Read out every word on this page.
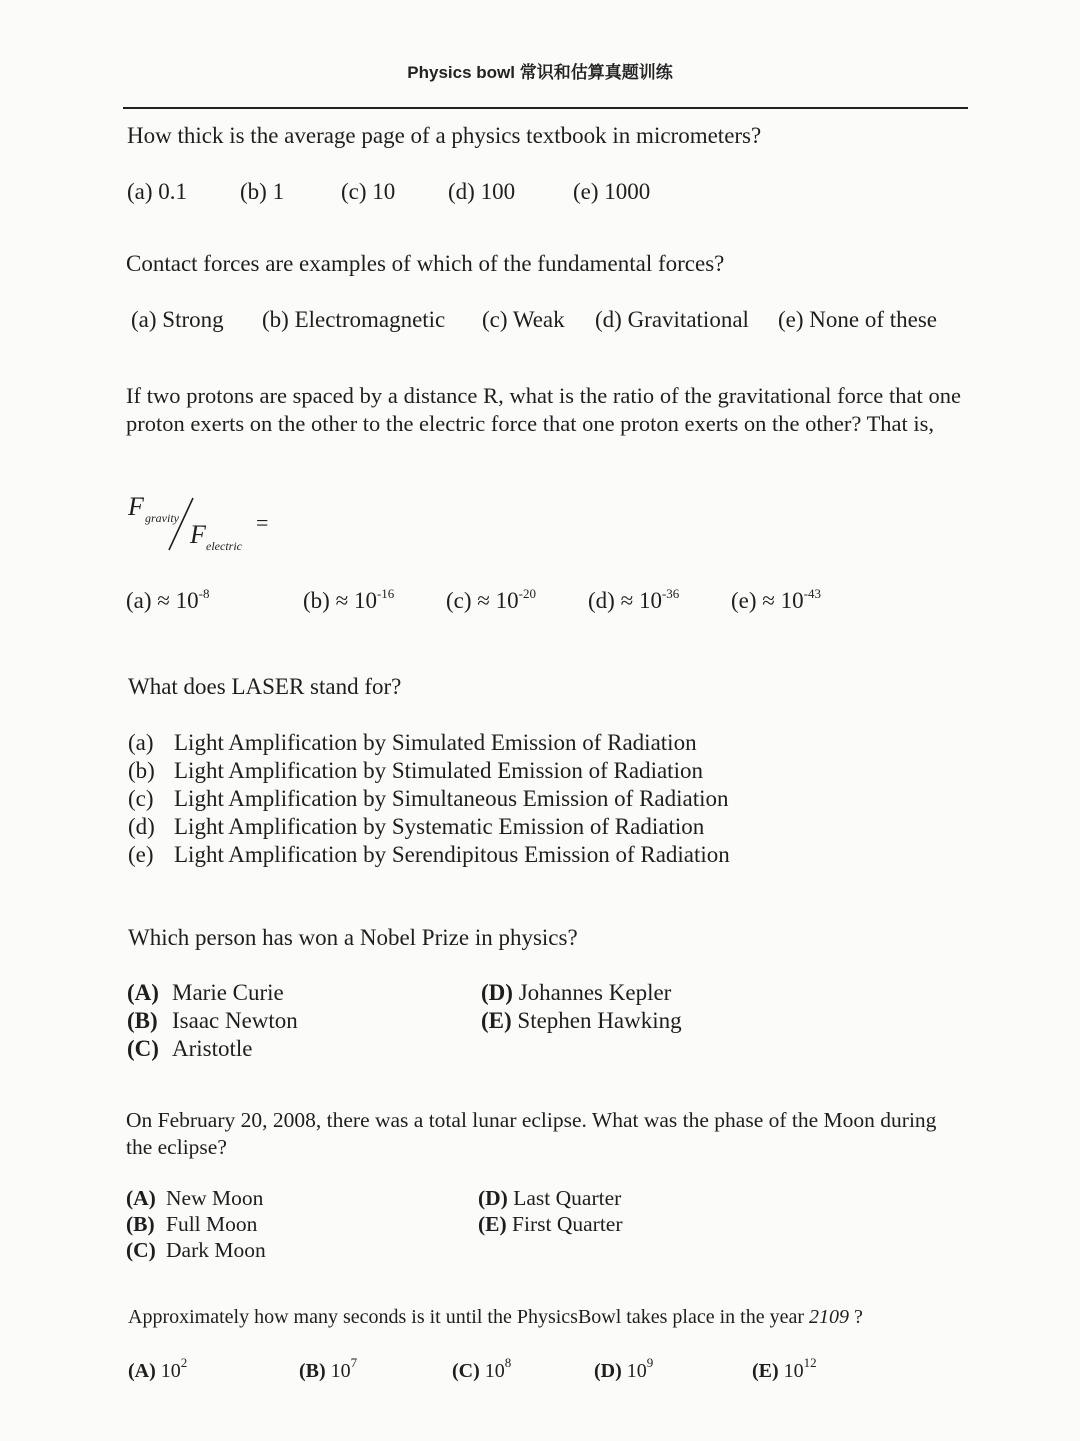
Physics bowl 常识和估算真题训练
How thick is the average page of a physics textbook in micrometers?
(a) 0.1 (b) 1 (c) 10 (d) 100	(e) 1000
Contact forces are examples of which of the fundamental forces?
(a) Strong (b) Electromagnetic (c) Weak (d) Gravitational (e) None of these
If two protons are spaced by a distance R, what is the ratio of the gravitational force that one proton exerts on the other to the electric force that one proton exerts on the other? That is,
F gravity
F electric
=
$(a) \approx 10^{-8}$	$(b) \approx 10^{-16}$ $(c) \approx 10^{-20}$ $(d) \approx 10^{-36}$ $(e) \approx 10^{-43}$
What does LASER stand for?
(a) Light Amplification by Simulated Emission of Radiation
(b) Light Amplification by Stimulated Emission of Radiation
(c) Light Amplification by Simultaneous Emission of Radiation
(d) Light Amplification by Systematic Emission of Radiation
(e) Light Amplification by Serendipitous Emission of Radiation
Which person has won a Nobel Prize in physics?
(A) Marie Curie
(B) Isaac Newton
(C) Aristotle
(D) Johannes Kepler
(E) Stephen Hawking
On February 20, 2008, there was a total lunar eclipse. What was the phase of the Moon during
the eclipse?
(A) New Moon
(B) Full Moon
(C) Dark Moon
(D) Last Quarter
(E) First Quarter
Approximately how many seconds is it until the PhysicsBowl takes place in the year 2109 ?
(A) $10^2$	(B) $10^7$	(C) $10^8$	(D) $10^9$	(E) $10^{12}$
